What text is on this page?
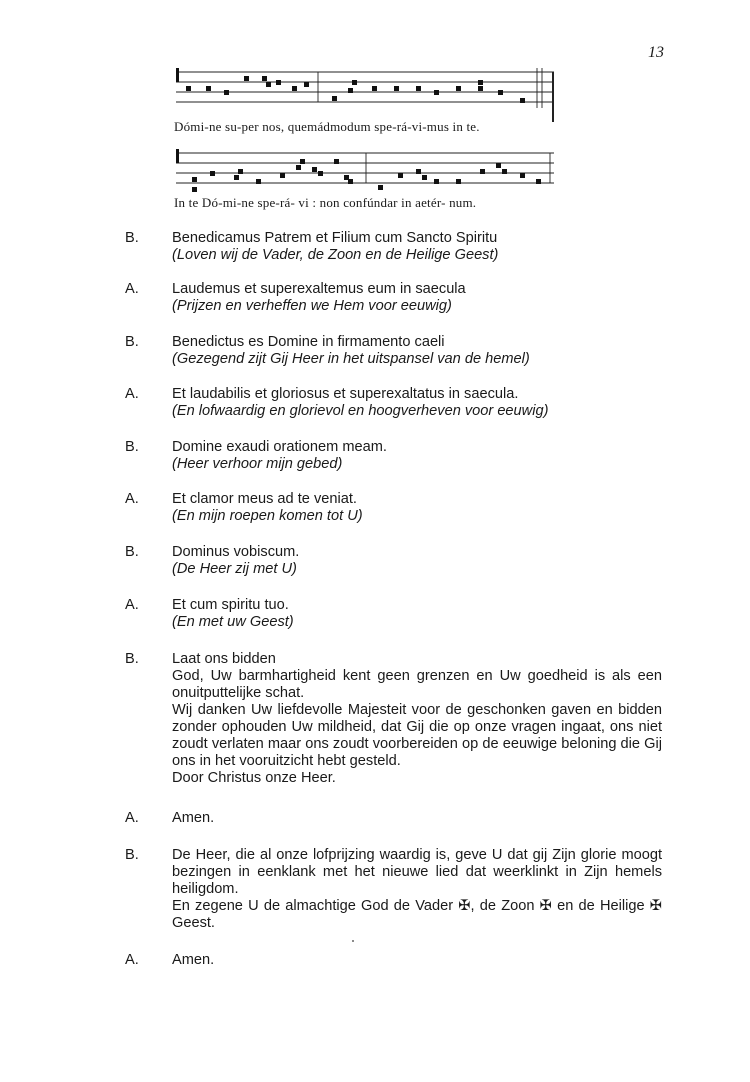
13
Dómi-ne su-per nos, quemádmodum spe-rá-vi-mus in te.
In te Dó-mi-ne spe-rá- vi : non confúndar in aetér- num.
B. Benedicamus Patrem et Filium cum Sancto Spiritu
(Loven wij de Vader, de Zoon en de Heilige Geest)
A. Laudemus et superexaltemus eum in saecula
(Prijzen en verheffen we Hem voor eeuwig)
B. Benedictus es Domine in firmamento caeli
(Gezegend zijt Gij Heer in het uitspansel van de hemel)
A. Et laudabilis et gloriosus et superexaltatus in saecula.
(En lofwaardig en glorievol en hoogverheven voor eeuwig)
B. Domine exaudi orationem meam.
(Heer verhoor mijn gebed)
A. Et clamor meus ad te veniat.
(En mijn roepen komen tot U)
B. Dominus vobiscum.
(De Heer zij met U)
A. Et cum spiritu tuo.
(En met uw Geest)
B. Laat ons bidden
God, Uw barmhartigheid kent geen grenzen en Uw goedheid is als een onuitputtelijke schat.
Wij danken Uw liefdevolle Majesteit voor de geschonken gaven en bidden zonder ophouden Uw mildheid, dat Gij die op onze vragen ingaat, ons niet zoudt verlaten maar ons zoudt voorbereiden op de eeuwige beloning die Gij ons in het vooruitzicht hebt gesteld.
Door Christus onze Heer.
A. Amen.
B. De Heer, die al onze lofprijzing waardig is, geve U dat gij Zijn glorie moogt bezingen in eenklank met het nieuwe lied dat weerklinkt in Zijn hemels heiligdom.
En zegene U de almachtige God de Vader ✠, de Zoon ✠ en de Heilige ✠ Geest.
A. Amen.
